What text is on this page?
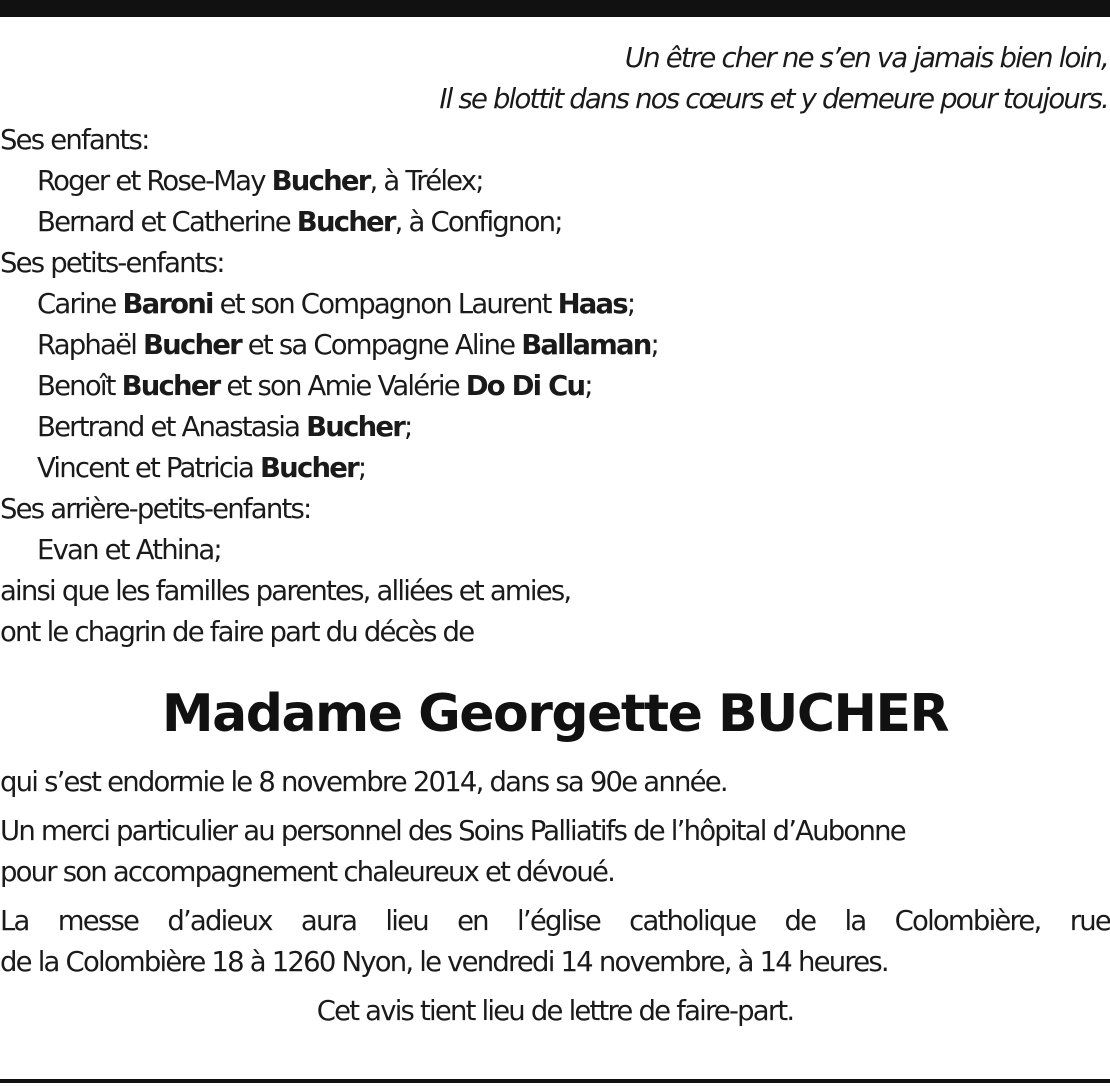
Un être cher ne s’en va jamais bien loin,
Il se blottit dans nos cœurs et y demeure pour toujours.
Ses enfants:
Roger et Rose-May Bucher, à Trélex;
Bernard et Catherine Bucher, à Confignon;
Ses petits-enfants:
Carine Baroni et son Compagnon Laurent Haas;
Raphaël Bucher et sa Compagne Aline Ballaman;
Benoît Bucher et son Amie Valérie Do Di Cu;
Bertrand et Anastasia Bucher;
Vincent et Patricia Bucher;
Ses arrière-petits-enfants:
Evan et Athina;
ainsi que les familles parentes, alliées et amies,
ont le chagrin de faire part du décès de
Madame Georgette BUCHER
qui s’est endormie le 8 novembre 2014, dans sa 90e année.
Un merci particulier au personnel des Soins Palliatifs de l’hôpital d’Aubonne
pour son accompagnement chaleureux et dévoué.
La messe d’adieux aura lieu en l’église catholique de la Colombière, rue
de la Colombière 18 à 1260 Nyon, le vendredi 14 novembre, à 14 heures.
Cet avis tient lieu de lettre de faire-part.
